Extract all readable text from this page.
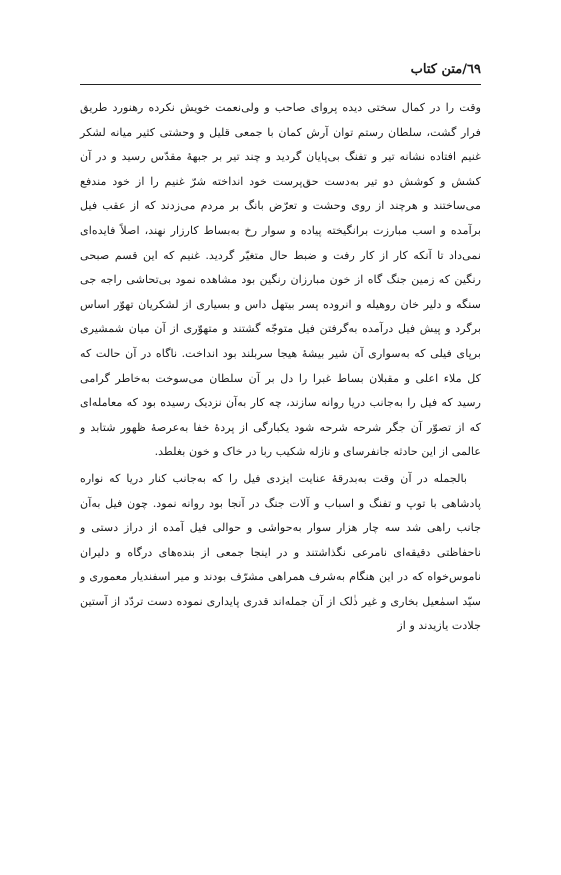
٦٩/متن کتاب

وقت را در کمال سختی دیده پروای صاحب و ولی‌نعمت خویش نکرده رهنورد طریق فرار گشت، سلطان رستم توان آرش کمان با جمعی قلیل و وحشتی کثیر میانه لشکر غنیم افتاده نشانه تیر و تفنگ بی‌پایان گردید و چند تیر بر جبهۀ مقدّس رسید و در آن کشش و کوشش دو تیر به‌دست حق‌پرست خود انداخته شرّ غنیم را از خود مندفع می‌ساختند و هرچند از روی وحشت و تعرّض بانگ بر مردم می‌زدند که از عقب فیل برآمده و اسب مبارزت برانگیخته پیاده و سوار رخ به‌بساط کارزار نهند، اصلاً فایده‌ای نمی‌داد تا آنکه کار از کار رفت و ضبط حال متغیّر گردید. غنیم که این قسم صبحی رنگین که زمین جنگ گاه از خون مبارزان رنگین بود مشاهده نمود بی‌تحاشی راجه جی سنگه و دلیر خان روهیله و انروده پسر بیتهل داس و بسیاری از لشکریان تهوّر اساس برگرد و پیش فیل درآمده به‌گرفتن فیل متوجّه گشتند و متهوّری از آن میان شمشیری برپای فیلی که به‌سواری آن شیر بیشۀ هیجا سربلند بود انداخت. ناگاه در آن حالت که کل ملاء اعلی و مقبلان بساط غبرا را دل بر آن سلطان می‌سوخت به‌خاطر گرامی رسید که فیل را به‌جانب دریا روانه سازند، چه کار به‌آن نزدیک رسیده بود که معامله‌ای که از تصوّر آن جگر شرحه شرحه شود یکبارگی از پردۀ خفا به‌عرصۀ ظهور شتابد و عالمی از این حادثه جانفرسای و نازله شکیب ربا در خاک و خون بغلطد.

بالجمله در آن وقت به‌بدرقۀ عنایت ایزدی فیل را که به‌جانب کنار دریا که نواره پادشاهی با توپ و تفنگ و اسباب و آلات جنگ در آنجا بود روانه نمود. چون فیل به‌آن جانب راهی شد سه چار هزار سوار به‌حواشی و حوالی فیل آمده از دراز دستی و ناحفاظتی دقیقه‌ای نامرعی نگذاشتند و در اینجا جمعی از بنده‌های درگاه و دلیران ناموس‌خواه که در این هنگام به‌شرف همراهی مشرّف بودند و میر اسفندیار معموری و سیّد اسمٰعیل بخاری و غیر ذٰلک از آن جمله‌اند قدری پایداری نموده دست تردّد از آستین جلادت یازیدند و از
